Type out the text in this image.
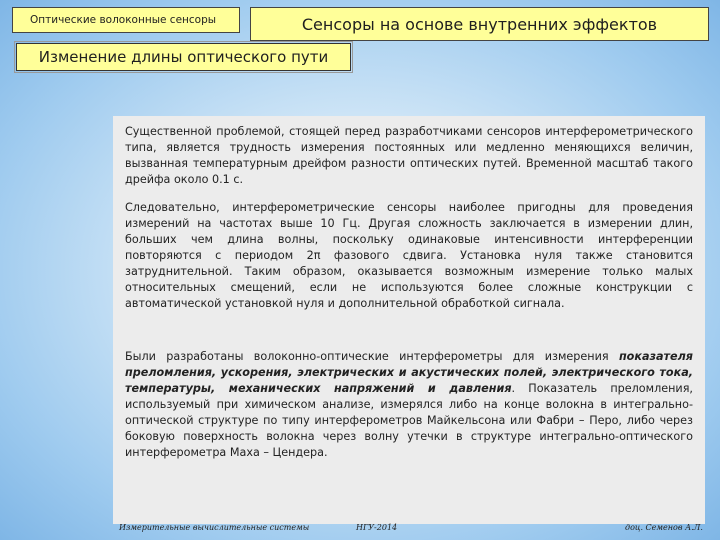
Оптические волоконные сенсоры	Сенсоры на основе внутренних эффектов
Изменение длины оптического пути

Существенной проблемой, стоящей перед разработчиками сенсоров интерферометрического типа, является трудность измерения постоянных или медленно меняющихся величин, вызванная температурным дрейфом разности оптических путей. Временной масштаб такого дрейфа около 0.1 с.

Следовательно, интерферометрические сенсоры наиболее пригодны для проведения измерений на частотах выше 10 Гц. Другая сложность заключается в измерении длин, больших чем длина волны, поскольку одинаковые интенсивности интерференции повторяются с периодом 2π фазового сдвига. Установка нуля также становится затруднительной. Таким образом, оказывается возможным измерение только малых относительных смещений, если не используются более сложные конструкции с автоматической установкой нуля и дополнительной обработкой сигнала.

Были разработаны волоконно-оптические интерферометры для измерения показателя преломления, ускорения, электрических и акустических полей, электрического тока, температуры, механических напряжений и давления. Показатель преломления, используемый при химическом анализе, измерялся либо на конце волокна в интегрально-оптической структуре по типу интерферометров Майкельсона или Фабри – Перо, либо через боковую поверхность волокна через волну утечки в структуре интегрально-оптического интерферометра Маха – Цендера.

Измерительные вычислительные системы	НГУ-2014	доц. Семенов А.Л.
